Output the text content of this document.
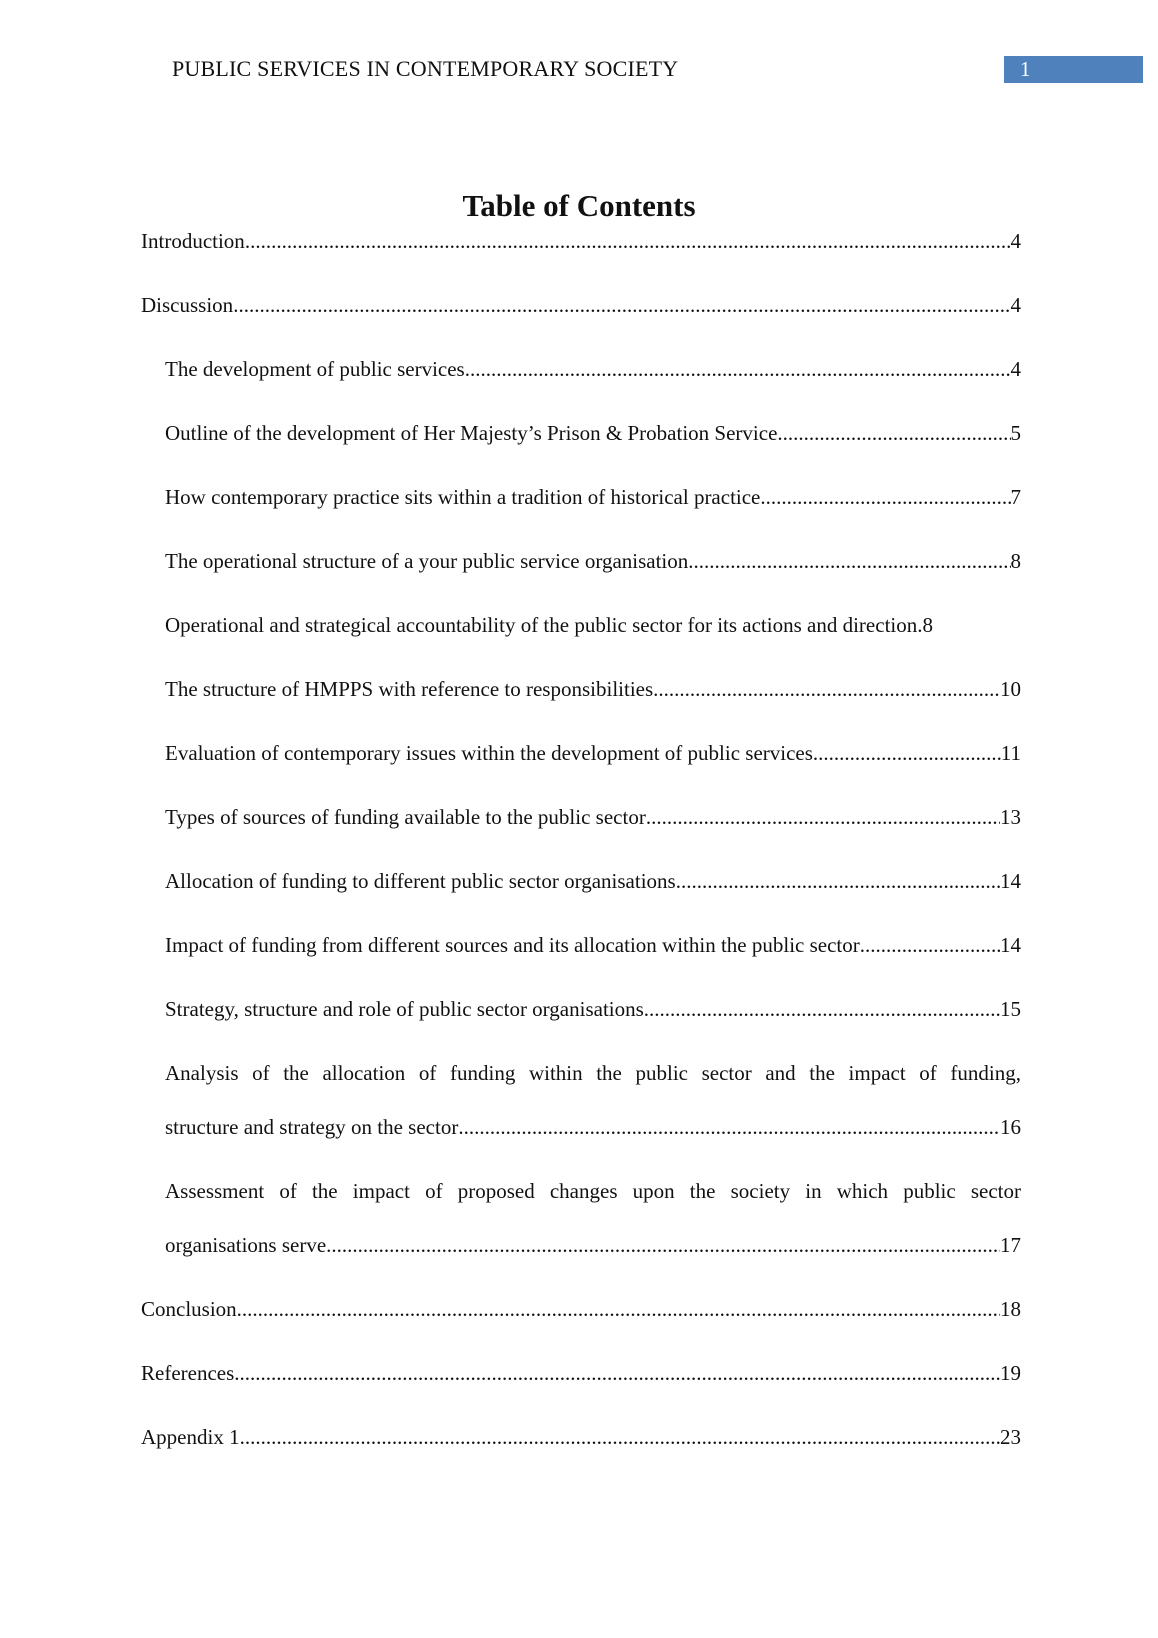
PUBLIC SERVICES IN CONTEMPORARY SOCIETY	1
Table of Contents
Introduction .....	4
Discussion .....	4
The development of public services .....	4
Outline of the development of Her Majesty’s Prison & Probation Service .....	5
How contemporary practice sits within a tradition of historical practice .....	7
The operational structure of a your public service organisation .....	8
Operational and strategical accountability of the public sector for its actions and direction .8
The structure of HMPPS with reference to responsibilities .....	10
Evaluation of contemporary issues within the development of public services .....	11
Types of sources of funding available to the public sector .....	13
Allocation of funding to different public sector organisations .....	14
Impact of funding from different sources and its allocation within the public sector .....	14
Strategy, structure and role of public sector organisations .....	15
Analysis of the allocation of funding within the public sector and the impact of funding,
structure and strategy on the sector .....	16
Assessment of the impact of proposed changes upon the society in which public sector
organisations serve .....	17
Conclusion .....	18
References .....	19
Appendix 1 .....	23
